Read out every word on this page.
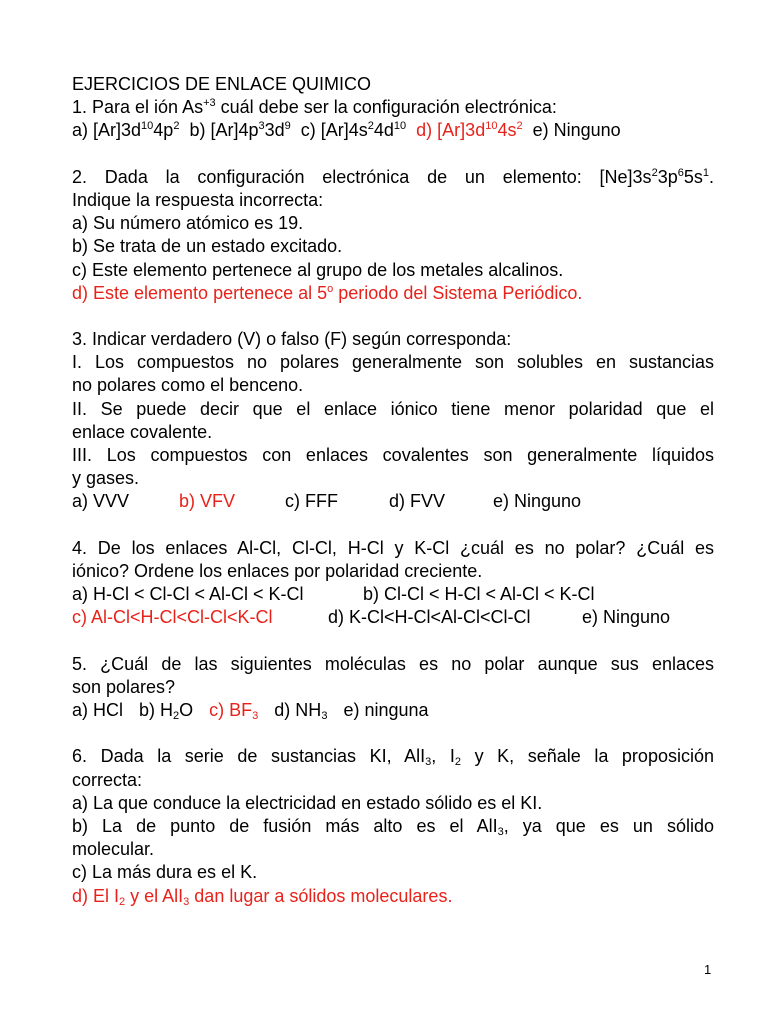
EJERCICIOS DE ENLACE QUIMICO
1. Para el ión $As^{+3}$ cuál debe ser la configuración electrónica:
a) $[Ar]3d^{10}4p^2$ b) $[Ar]4p^33d^9$ c) $[Ar]4s^24d^{10}$ d) $[Ar]3d^{10}4s^2$ e) Ninguno
2. Dada la configuración electrónica de un elemento: $[Ne]3s^23p^65s^1$.
Indique la respuesta incorrecta:
a) Su número atómico es 19.
b) Se trata de un estado excitado.
c) Este elemento pertenece al grupo de los metales alcalinos.
d) Este elemento pertenece al 5$^o$ periodo del Sistema Periódico.
3. Indicar verdadero (V) o falso (F) según corresponda:
I. Los compuestos no polares generalmente son solubles en sustancias
no polares como el benceno.
II. Se puede decir que el enlace iónico tiene menor polaridad que el
enlace covalente.
III. Los compuestos con enlaces covalentes son generalmente líquidos
y gases.
a) VVV	b) VFV	c) FFF	d) FVV	e) Ninguno
4. De los enlaces Al-Cl, Cl-Cl, H-Cl y K-Cl ¿cuál es no polar? ¿Cuál es
iónico? Ordene los enlaces por polaridad creciente.
a) H-Cl < Cl-Cl < Al-Cl < K-Cl	b) Cl-Cl < H-Cl < Al-Cl < K-Cl
c) Al-Cl<H-Cl<Cl-Cl<K-Cl	d) K-Cl<H-Cl<Al-Cl<Cl-Cl	e) Ninguno
5. ¿Cuál de las siguientes moléculas es no polar aunque sus enlaces
son polares?
a) HCl b) $H_2O$ c) $BF_3$ d) $NH_3$ e) ninguna
6. Dada la serie de sustancias KI, AlI$_3$, $I_2$ y K, señale la proposición
correcta:
a) La que conduce la electricidad en estado sólido es el KI.
b) La de punto de fusión más alto es el AlI$_3$, ya que es un sólido
molecular.
c) La más dura es el K.
d) El $I_2$ y el AlI$_3$ dan lugar a sólidos moleculares.
1
